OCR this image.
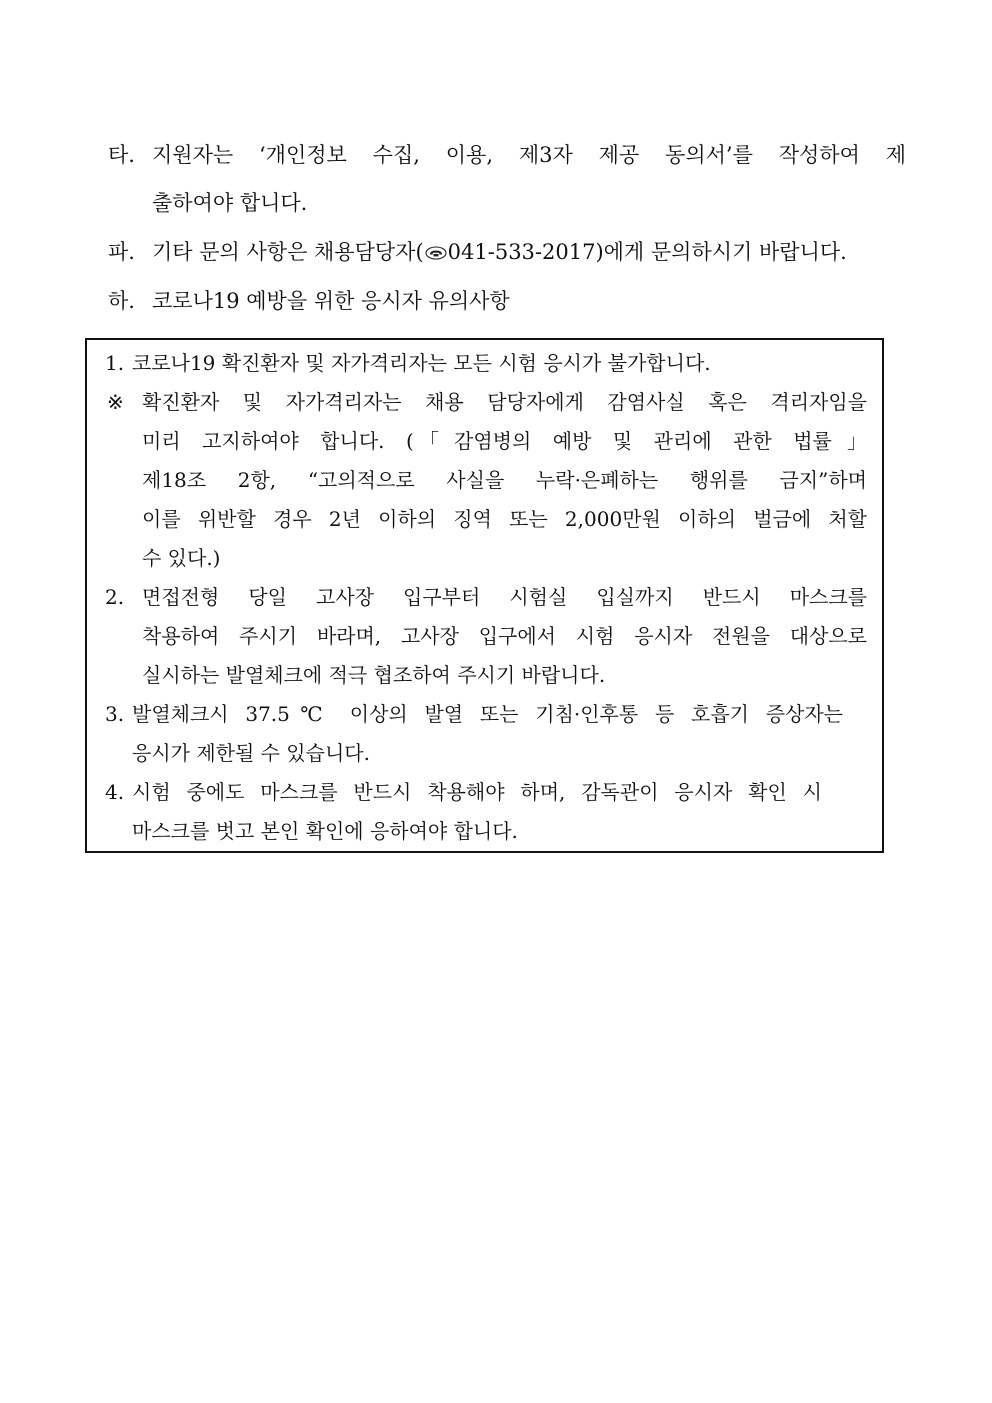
타. 지원자는 ‘개인정보 수집, 이용, 제3자 제공 동의서’를 작성하여 제
출하여야 합니다.
파. 기타 문의 사항은 채용담당자( 041-533-2017)에게 문의하시기 바랍니다.
하. 코로나19 예방을 위한 응시자 유의사항
1. 코로나19 확진환자 및 자가격리자는 모든 시험 응시가 불가합니다.
※ 확진환자 및 자가격리자는 채용 담당자에게 감염사실 혹은 격리자임을
미리 고지하여야 합니다. (「감염병의 예방 및 관리에 관한 법률」
제18조 2항, “고의적으로 사실을 누락·은폐하는 행위를 금지”하며
이를 위반할 경우 2년 이하의 징역 또는 2,000만원 이하의 벌금에 처할
수 있다.)
2. 면접전형 당일 고사장 입구부터 시험실 입실까지 반드시 마스크를
착용하여 주시기 바라며, 고사장 입구에서 시험 응시자 전원을 대상으로
실시하는 발열체크에 적극 협조하여 주시기 바랍니다.
3. 발열체크시 37.5℃ 이상의 발열 또는 기침·인후통 등 호흡기 증상자는
응시가 제한될 수 있습니다.
4. 시험 중에도 마스크를 반드시 착용해야 하며, 감독관이 응시자 확인 시
마스크를 벗고 본인 확인에 응하여야 합니다.
